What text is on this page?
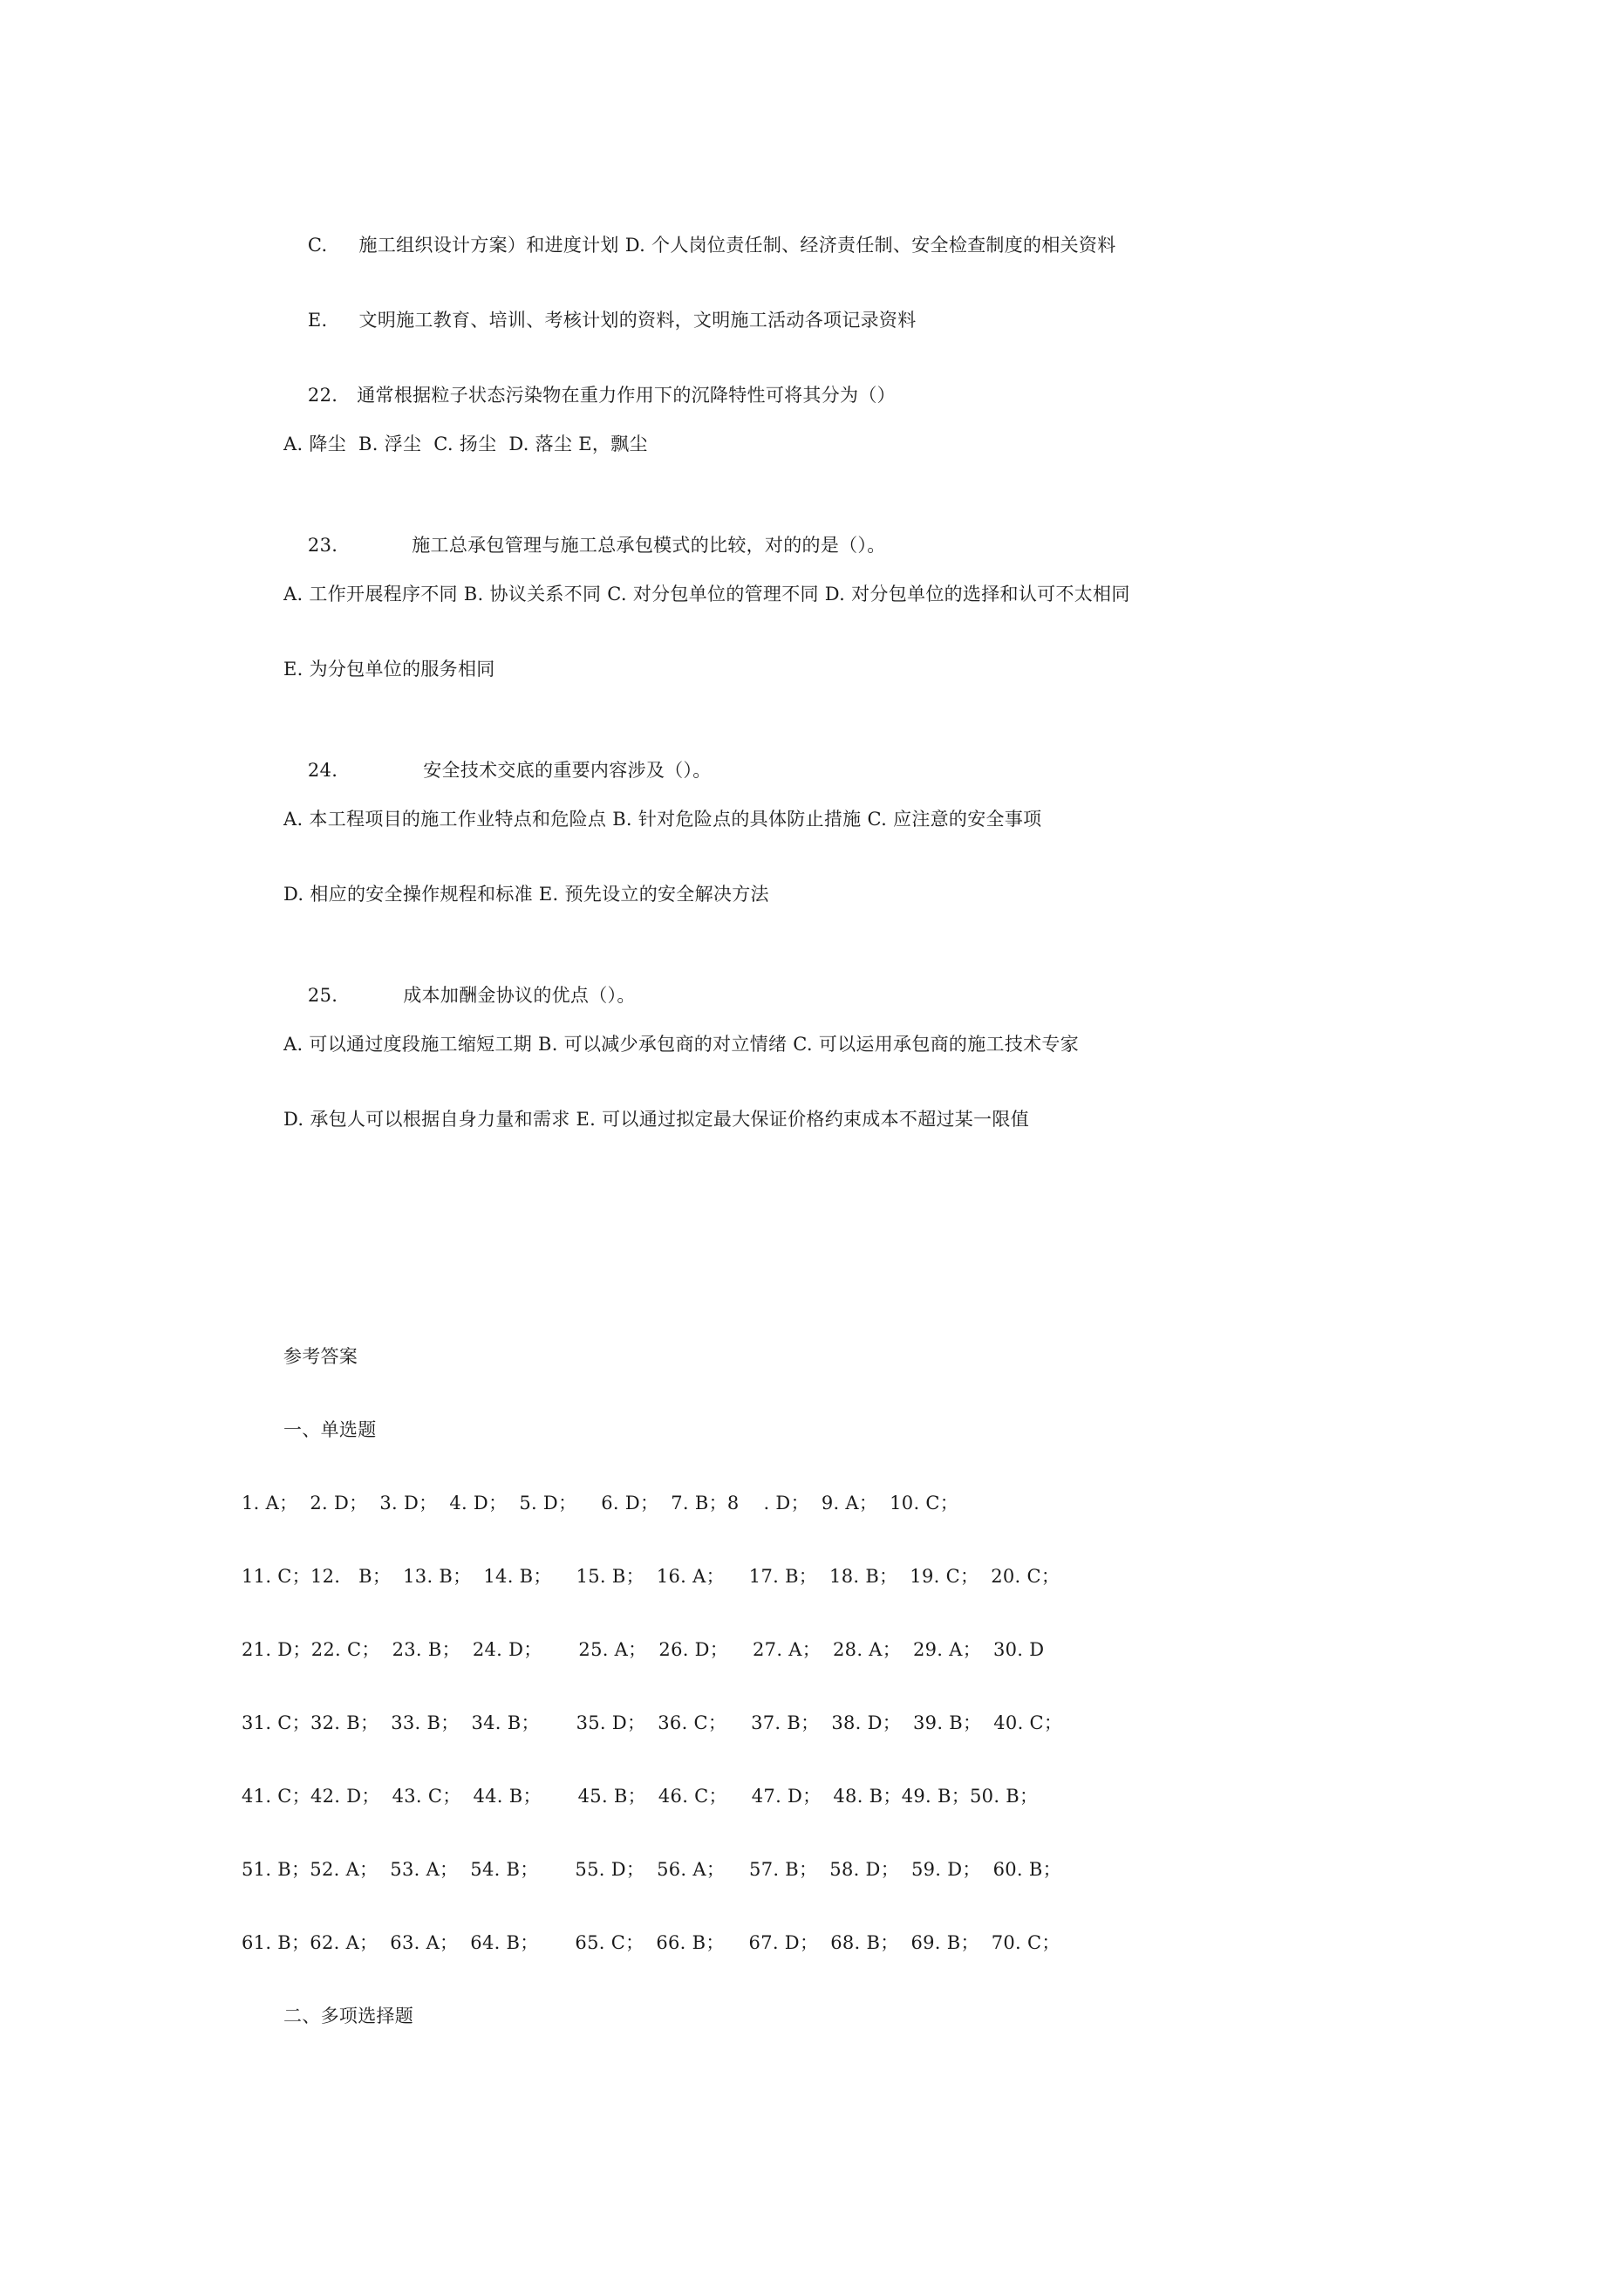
C. 施工组织设计方案）和进度计划 D. 个人岗位责任制、经济责任制、安全检查制度的相关资料

E. 文明施工教育、培训、考核计划的资料，文明施工活动各项记录资料

22. 通常根据粒子状态污染物在重力作用下的沉降特性可将其分为（）

A. 降尘  B. 浮尘  C. 扬尘  D. 落尘 E，飘尘

23.	施工总承包管理与施工总承包模式的比较，对的的是（）。

A. 工作开展程序不同 B. 协议关系不同 C. 对分包单位的管理不同 D. 对分包单位的选择和认可不太相同
E. 为分包单位的服务相同

24.	安全技术交底的重要内容涉及（）。

A. 本工程项目的施工作业特点和危险点 B. 针对危险点的具体防止措施 C. 应注意的安全事项
D. 相应的安全操作规程和标准 E. 预先设立的安全解决方法

25.	成本加酬金协议的优点（）。

A. 可以通过度段施工缩短工期 B. 可以减少承包商的对立情绪 C. 可以运用承包商的施工技术专家
D. 承包人可以根据自身力量和需求 E. 可以通过拟定最大保证价格约束成本不超过某一限值
参考答案
一、单选题
1. A；  2. D；  3. D；  4. D；  5. D；    6. D；  7. B；8    . D；  9. A；  10. C；
11. C；12.   B；  13. B；  14. B；    15. B；  16. A；    17. B；  18. B；  19. C；  20. C；
21. D；22. C；  23. B；  24. D；      25. A；  26. D；    27. A；  28. A；  29. A；  30. D
31. C；32. B；  33. B；  34. B；      35. D；  36. C；    37. B；  38. D；  39. B；  40. C；
41. C；42. D；  43. C；  44. B；      45. B；  46. C；    47. D；  48. B；49. B；50. B；
51. B；52. A；  53. A；  54. B；      55. D；  56. A；    57. B；  58. D；  59. D；  60. B；
61. B；62. A；  63. A；  64. B；      65. C；  66. B；    67. D；  68. B；  69. B；  70. C；
二、多项选择题
